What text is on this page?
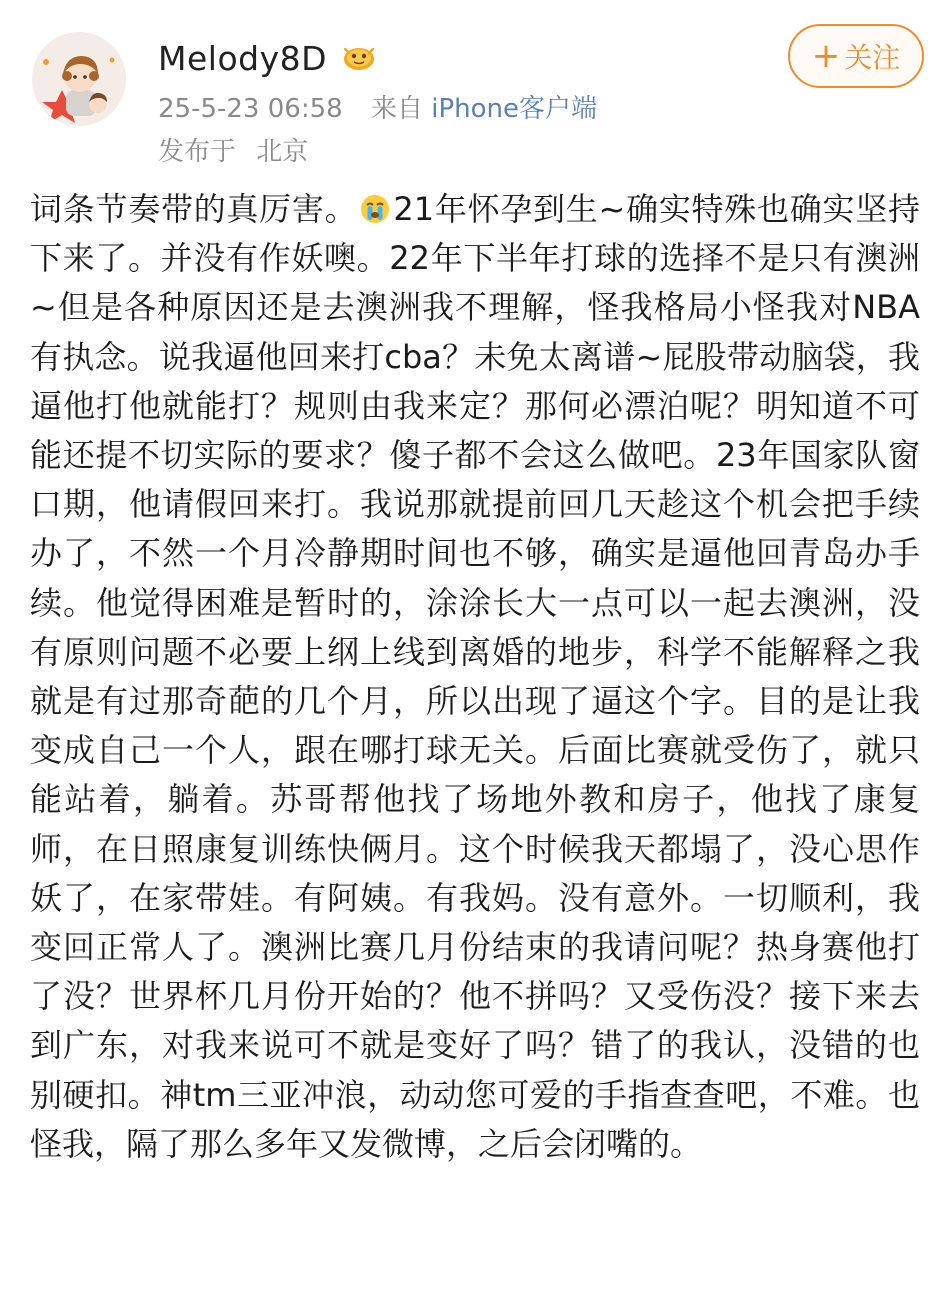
Melody8D
25-5-23 06:58 来自 iPhone客户端
发布于 北京
+ 关注
词条节奏带的真厉害。 21年怀孕到生~确实特殊也确实坚持下来了。并没有作妖噢。22年下半年打球的选择不是只有澳洲~但是各种原因还是去澳洲我不理解，怪我格局小怪我对NBA 有执念。说我逼他回来打cba？未免太离谱~屁股带动脑袋，我逼他打他就能打？规则由我来定？那何必漂泊呢？明知道不可能还提不切实际的要求？傻子都不会这么做吧。23年国家队窗口期，他请假回来打。我说那就提前回几天趁这个机会把手续办了，不然一个月冷静期时间也不够，确实是逼他回青岛办手续。他觉得困难是暂时的，涂涂长大一点可以一起去澳洲，没有原则问题不必要上纲上线到离婚的地步，科学不能解释之我就是有过那奇葩的几个月，所以出现了逼这个字。目的是让我变成自己一个人，跟在哪打球无关。后面比赛就受伤了，就只能站着，躺着。苏哥帮他找了场地外教和房子，他找了康复师，在日照康复训练快俩月。这个时候我天都塌了，没心思作妖了，在家带娃。有阿姨。有我妈。没有意外。一切顺利，我变回正常人了。澳洲比赛几月份结束的我请问呢？热身赛他打了没？世界杯几月份开始的？他不拼吗？又受伤没？接下来去到广东，对我来说可不就是变好了吗？错了的我认，没错的也别硬扣。神tm三亚冲浪，动动您可爱的手指查查吧，不难。也怪我，隔了那么多年又发微博，之后会闭嘴的。
